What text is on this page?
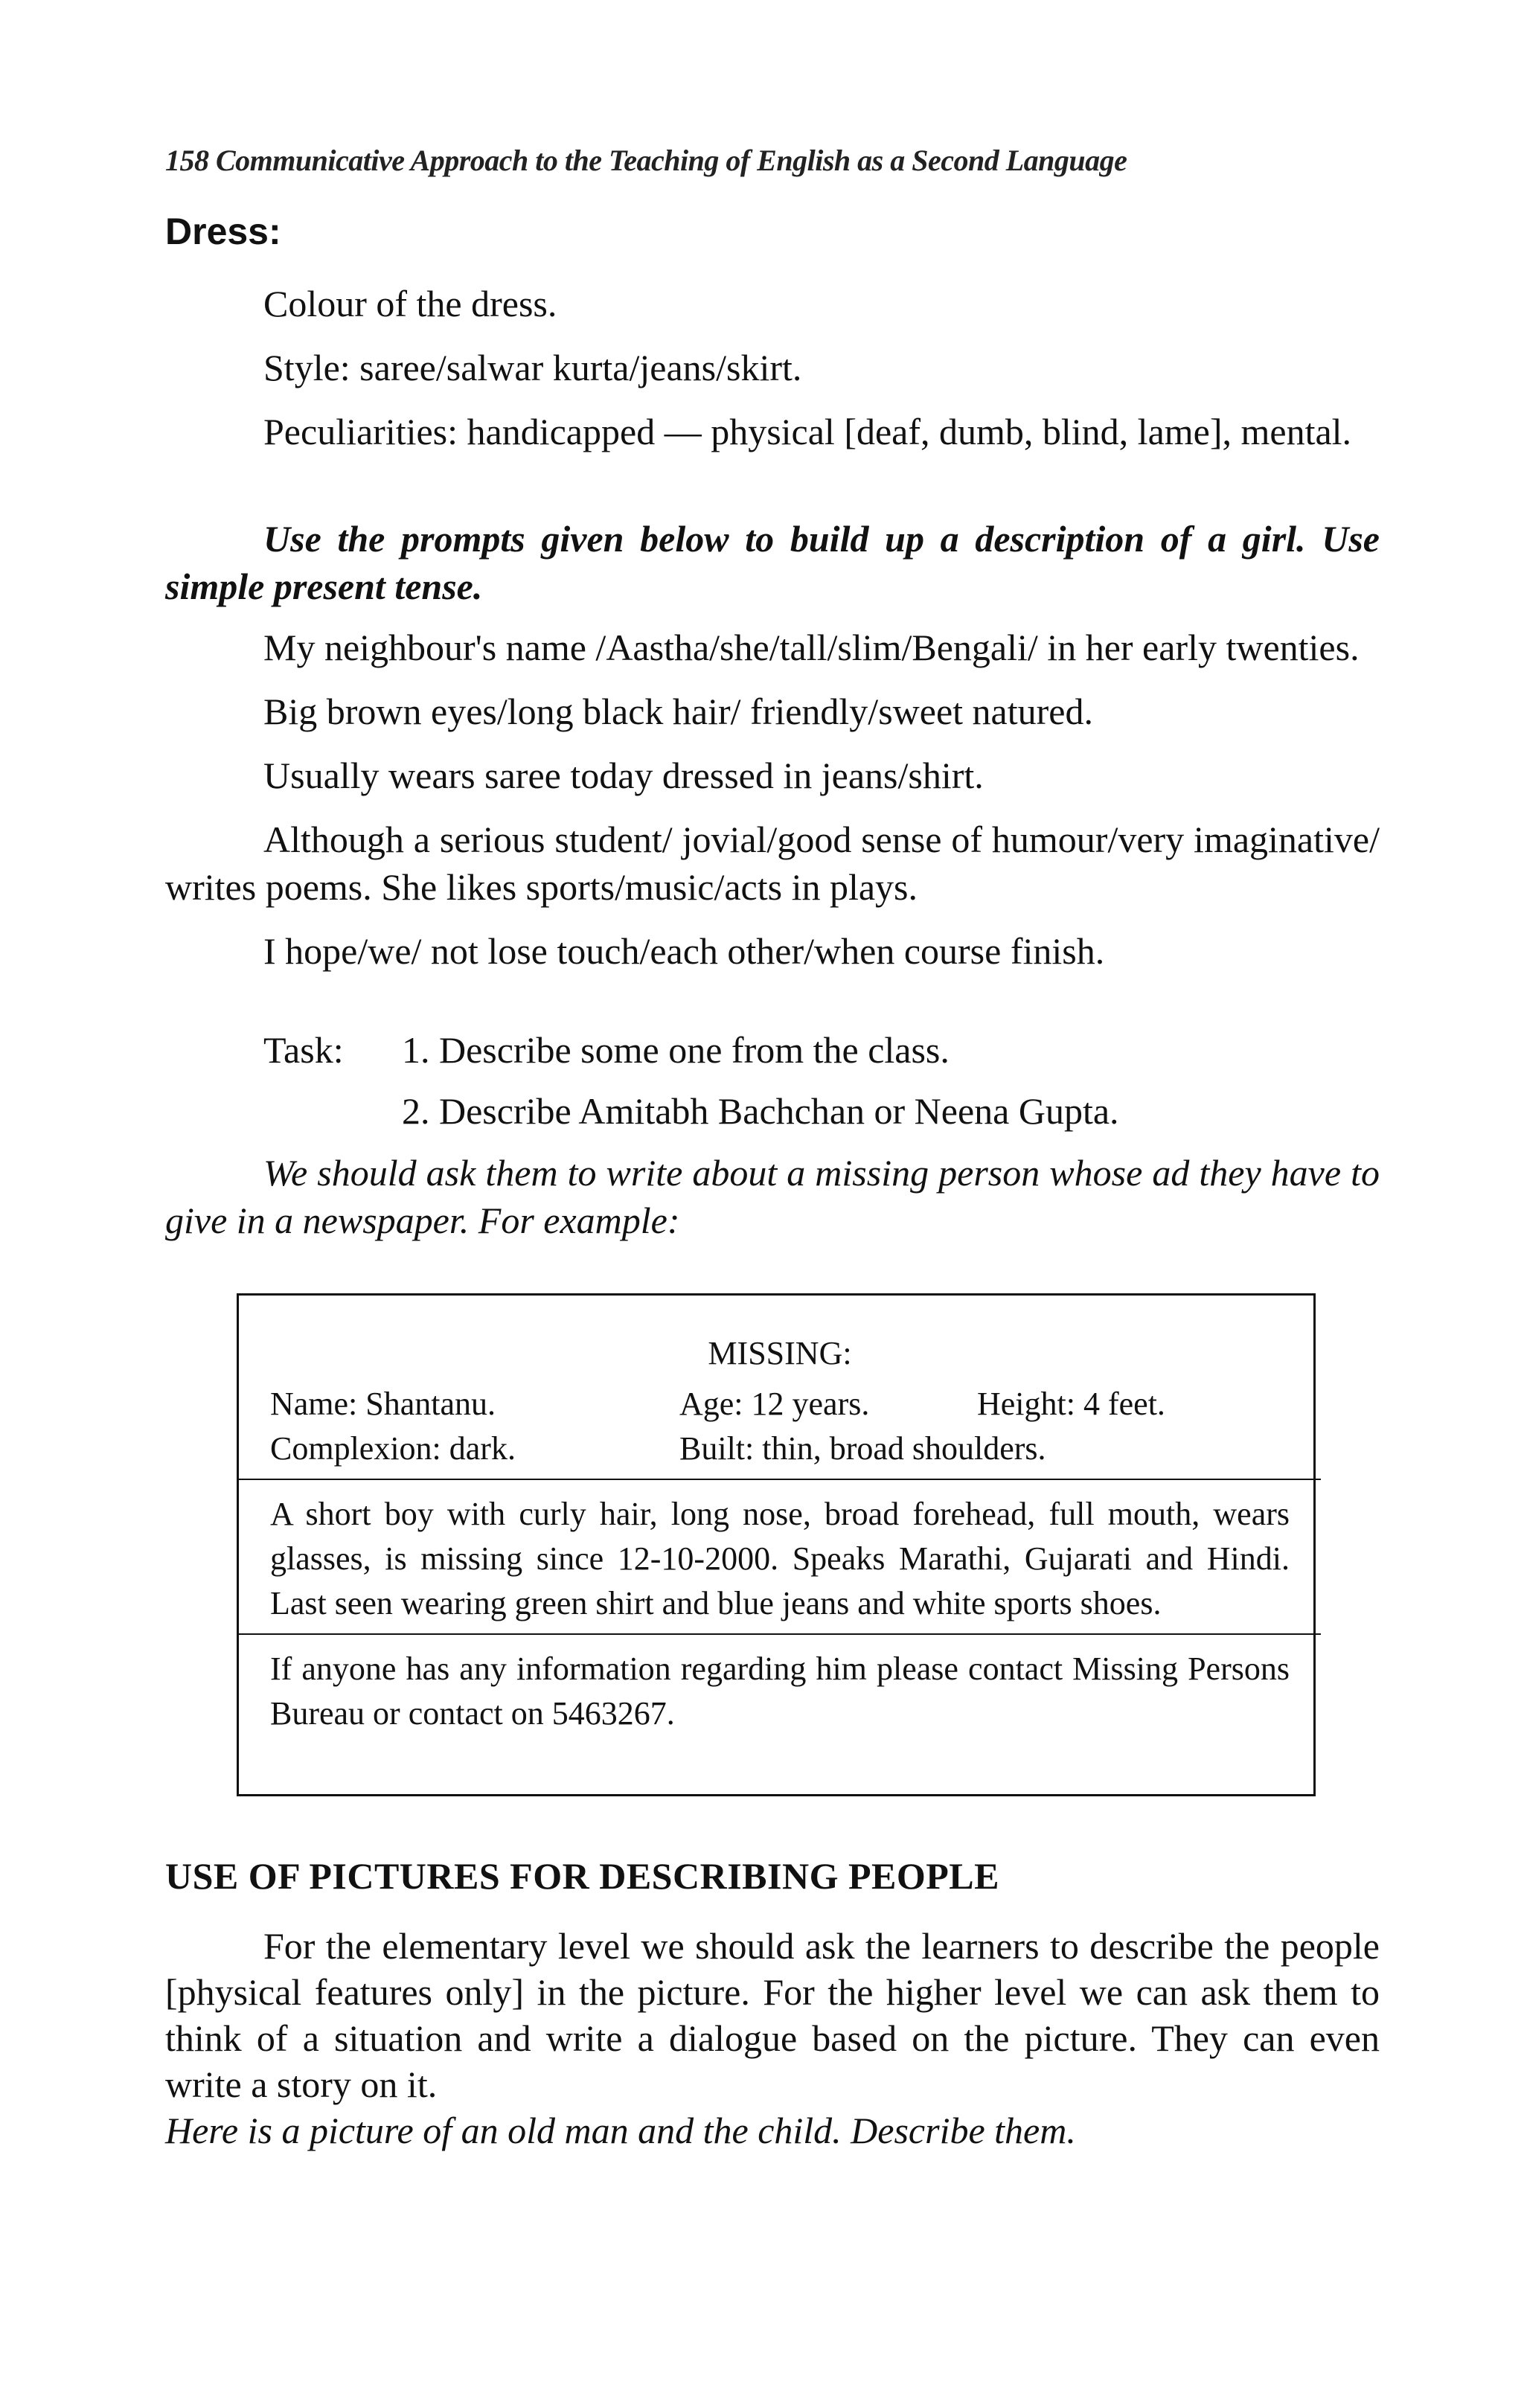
158 Communicative Approach to the Teaching of English as a Second Language
Dress:

Colour of the dress.

Style: saree/salwar kurta/jeans/skirt.

Peculiarities: handicapped — physical [deaf, dumb, blind, lame], mental.

Use the prompts given below to build up a description of a girl. Use simple present tense.

My neighbour's name /Aastha/she/tall/slim/Bengali/ in her early twenties.

Big brown eyes/long black hair/ friendly/sweet natured.

Usually wears saree today dressed in jeans/shirt.

Although a serious student/ jovial/good sense of humour/very imaginative/ writes poems. She likes sports/music/acts in plays.

I hope/we/ not lose touch/each other/when course finish.

Task:	1. Describe some one from the class.
2. Describe Amitabh Bachchan or Neena Gupta.

We should ask them to write about a missing person whose ad they have to give in a newspaper. For example:

MISSING:
Name: Shantanu.	Age: 12 years.	Height: 4 feet.
Complexion: dark.	Built: thin, broad shoulders.

A short boy with curly hair, long nose, broad forehead, full mouth, wears glasses, is missing since 12-10-2000. Speaks Marathi, Gujarati and Hindi. Last seen wearing green shirt and blue jeans and white sports shoes.

If anyone has any information regarding him please contact Missing Persons Bureau or contact on 5463267.

USE OF PICTURES FOR DESCRIBING PEOPLE

For the elementary level we should ask the learners to describe the people [physical features only] in the picture. For the higher level we can ask them to think of a situation and write a dialogue based on the picture. They can even write a story on it.

Here is a picture of an old man and the child. Describe them.
